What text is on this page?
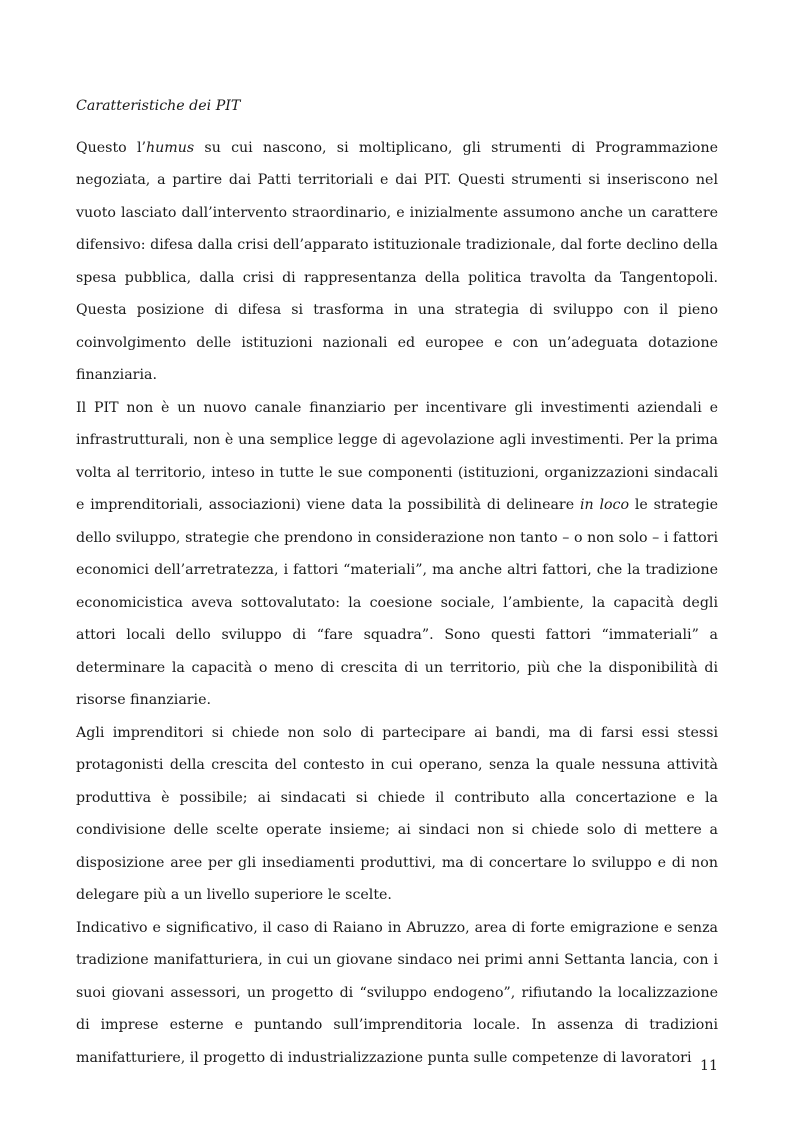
Caratteristiche dei PIT

Questo l’humus su cui nascono, si moltiplicano, gli strumenti di Programmazione negoziata, a partire dai Patti territoriali e dai PIT. Questi strumenti si inseriscono nel vuoto lasciato dall’intervento straordinario, e inizialmente assumono anche un carattere difensivo: difesa dalla crisi dell’apparato istituzionale tradizionale, dal forte declino della spesa pubblica, dalla crisi di rappresentanza della politica travolta da Tangentopoli. Questa posizione di difesa si trasforma in una strategia di sviluppo con il pieno coinvolgimento delle istituzioni nazionali ed europee e con un’adeguata dotazione finanziaria.

Il PIT non è un nuovo canale finanziario per incentivare gli investimenti aziendali e infrastrutturali, non è una semplice legge di agevolazione agli investimenti. Per la prima volta al territorio, inteso in tutte le sue componenti (istituzioni, organizzazioni sindacali e imprenditoriali, associazioni) viene data la possibilità di delineare in loco le strategie dello sviluppo, strategie che prendono in considerazione non tanto – o non solo – i fattori economici dell’arretratezza, i fattori “materiali”, ma anche altri fattori, che la tradizione economicistica aveva sottovalutato: la coesione sociale, l’ambiente, la capacità degli attori locali dello sviluppo di “fare squadra”. Sono questi fattori “immateriali” a determinare la capacità o meno di crescita di un territorio, più che la disponibilità di risorse finanziarie.

Agli imprenditori si chiede non solo di partecipare ai bandi, ma di farsi essi stessi protagonisti della crescita del contesto in cui operano, senza la quale nessuna attività produttiva è possibile; ai sindacati si chiede il contributo alla concertazione e la condivisione delle scelte operate insieme; ai sindaci non si chiede solo di mettere a disposizione aree per gli insediamenti produttivi, ma di concertare lo sviluppo e di non delegare più a un livello superiore le scelte.

Indicativo e significativo, il caso di Raiano in Abruzzo, area di forte emigrazione e senza tradizione manifatturiera, in cui un giovane sindaco nei primi anni Settanta lancia, con i suoi giovani assessori, un progetto di “sviluppo endogeno”, rifiutando la localizzazione di imprese esterne e puntando sull’imprenditoria locale. In assenza di tradizioni manifatturiere, il progetto di industrializzazione punta sulle competenze di lavoratori

11
